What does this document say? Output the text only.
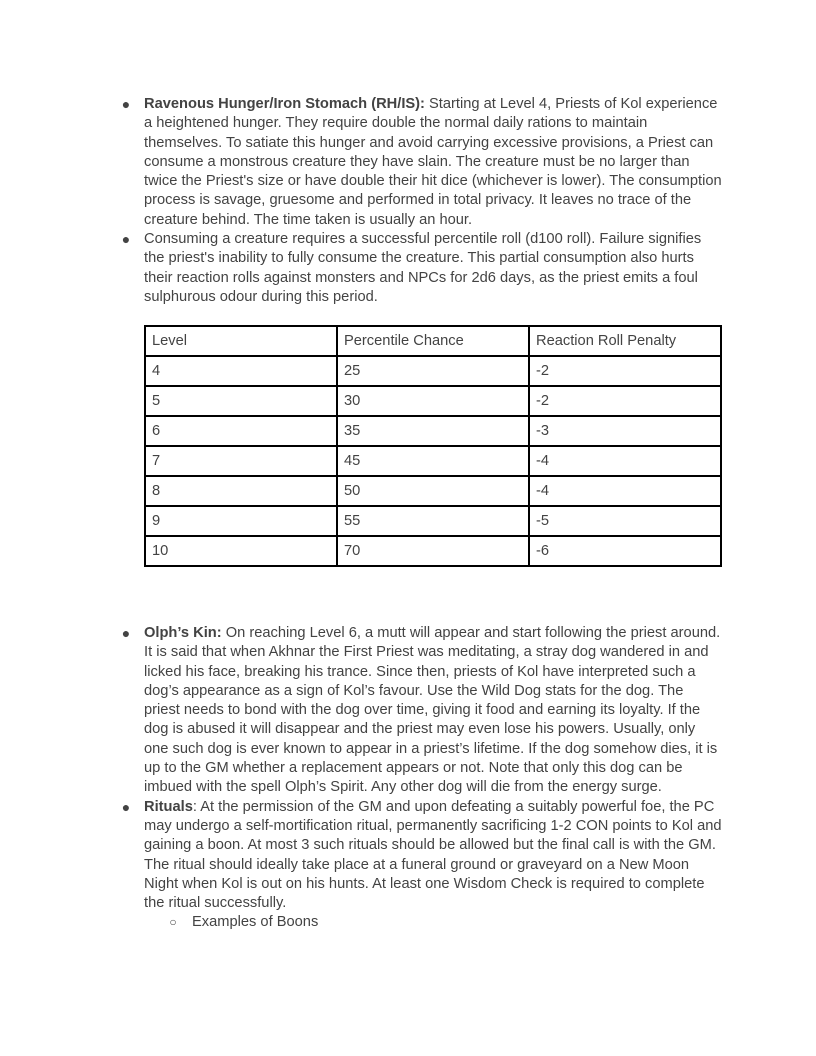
● Ravenous Hunger/Iron Stomach (RH/IS): Starting at Level 4, Priests of Kol experience a heightened hunger. They require double the normal daily rations to maintain themselves. To satiate this hunger and avoid carrying excessive provisions, a Priest can consume a monstrous creature they have slain. The creature must be no larger than twice the Priest's size or have double their hit dice (whichever is lower). The consumption process is savage, gruesome and performed in total privacy. It leaves no trace of the creature behind. The time taken is usually an hour.
● Consuming a creature requires a successful percentile roll (d100 roll). Failure signifies the priest's inability to fully consume the creature. This partial consumption also hurts their reaction rolls against monsters and NPCs for 2d6 days, as the priest emits a foul sulphurous odour during this period.
Level	Percentile Chance	Reaction Roll Penalty
4	25	-2
5	30	-2
6	35	-3
7	45	-4
8	50	-4
9	55	-5
10	70	-6
● Olph’s Kin: On reaching Level 6, a mutt will appear and start following the priest around. It is said that when Akhnar the First Priest was meditating, a stray dog wandered in and licked his face, breaking his trance. Since then, priests of Kol have interpreted such a dog’s appearance as a sign of Kol’s favour. Use the Wild Dog stats for the dog. The priest needs to bond with the dog over time, giving it food and earning its loyalty. If the dog is abused it will disappear and the priest may even lose his powers. Usually, only one such dog is ever known to appear in a priest’s lifetime. If the dog somehow dies, it is up to the GM whether a replacement appears or not. Note that only this dog can be imbued with the spell Olph’s Spirit. Any other dog will die from the energy surge.
● Rituals: At the permission of the GM and upon defeating a suitably powerful foe, the PC may undergo a self-mortification ritual, permanently sacrificing 1-2 CON points to Kol and gaining a boon. At most 3 such rituals should be allowed but the final call is with the GM. The ritual should ideally take place at a funeral ground or graveyard on a New Moon Night when Kol is out on his hunts. At least one Wisdom Check is required to complete the ritual successfully.
○ Examples of Boons
